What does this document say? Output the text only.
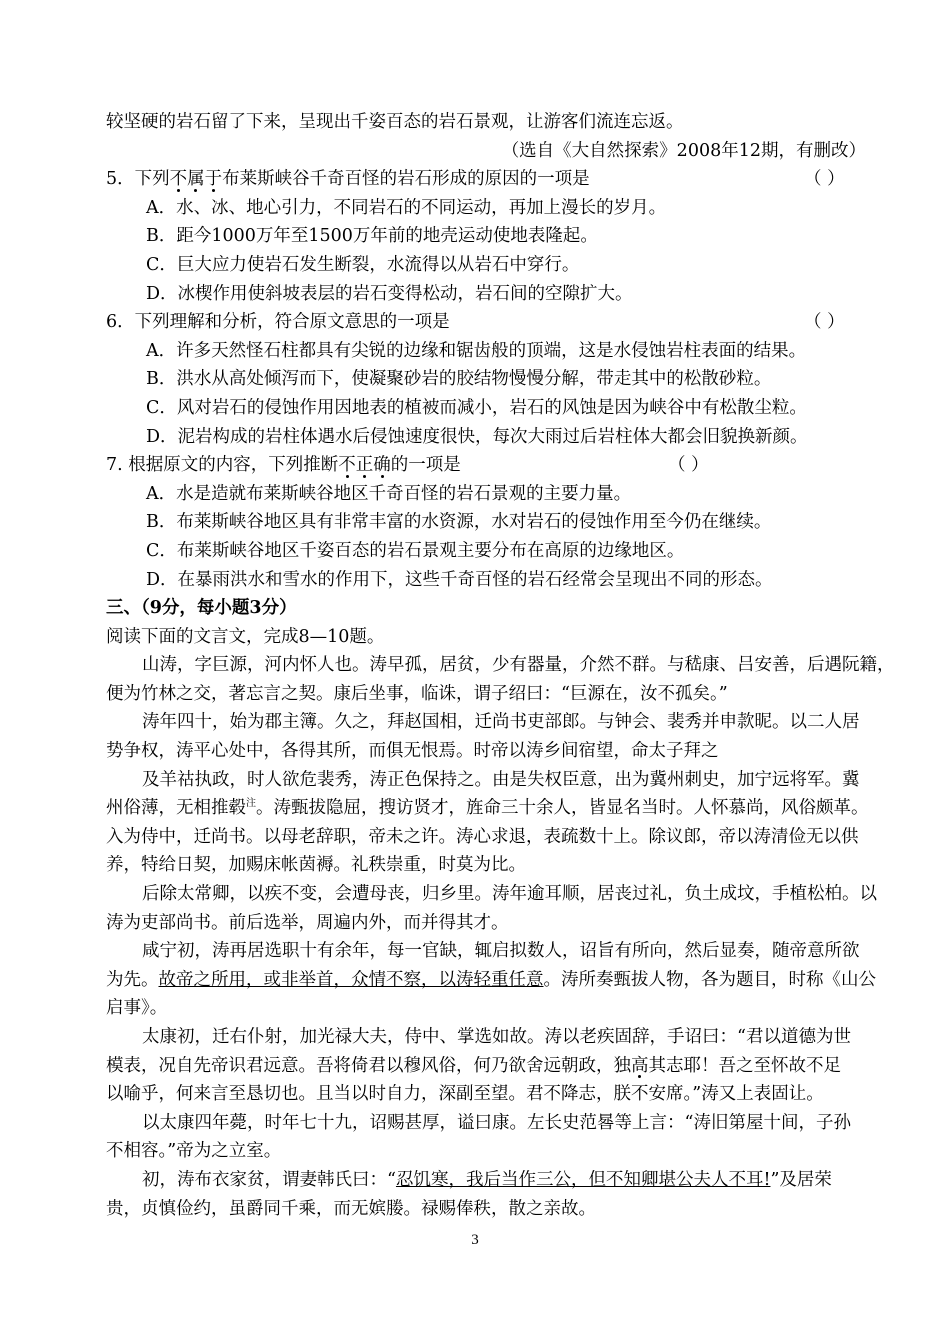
较坚硬的岩石留了下来，呈现出千姿百态的岩石景观，让游客们流连忘返。
（选自《大自然探索》2008年12期，有删改）
5．下列不属于布莱斯峡谷千奇百怪的岩石形成的原因的一项是	（ ）
A．水、冰、地心引力，不同岩石的不同运动，再加上漫长的岁月。
B．距今1000万年至1500万年前的地壳运动使地表隆起。
C．巨大应力使岩石发生断裂，水流得以从岩石中穿行。
D．冰楔作用使斜坡表层的岩石变得松动，岩石间的空隙扩大。
6．下列理解和分析，符合原文意思的一项是	（ ）
A．许多天然怪石柱都具有尖锐的边缘和锯齿般的顶端，这是水侵蚀岩柱表面的结果。
B．洪水从高处倾泻而下，使凝聚砂岩的胶结物慢慢分解，带走其中的松散砂粒。
C．风对岩石的侵蚀作用因地表的植被而减小，岩石的风蚀是因为峡谷中有松散尘粒。
D．泥岩构成的岩柱体遇水后侵蚀速度很快，每次大雨过后岩柱体大都会旧貌换新颜。
7. 根据原文的内容，下列推断不正确的一项是	（ ）
A．水是造就布莱斯峡谷地区千奇百怪的岩石景观的主要力量。
B．布莱斯峡谷地区具有非常丰富的水资源，水对岩石的侵蚀作用至今仍在继续。
C．布莱斯峡谷地区千姿百态的岩石景观主要分布在高原的边缘地区。
D．在暴雨洪水和雪水的作用下，这些千奇百怪的岩石经常会呈现出不同的形态。
三、（9分，每小题3分）
阅读下面的文言文，完成8—10题。
山涛，字巨源，河内怀人也。涛早孤，居贫，少有器量，介然不群。与嵇康、吕安善，后遇阮籍，
便为竹林之交，著忘言之契。康后坐事，临诛，谓子绍曰：“巨源在，汝不孤矣。”
涛年四十，始为郡主簿。久之，拜赵国相，迁尚书吏部郎。与钟会、裴秀并申款昵。以二人居
势争权，涛平心处中，各得其所，而俱无恨焉。时帝以涛乡间宿望，命太子拜之
及羊祜执政，时人欲危裴秀，涛正色保持之。由是失权臣意，出为冀州刺史，加宁远将军。冀
州俗薄，无相推毂$^注$。涛甄拔隐屈，搜访贤才，旌命三十余人，皆显名当时。人怀慕尚，风俗颇革。
入为侍中，迁尚书。以母老辞职，帝未之许。涛心求退，表疏数十上。除议郎，帝以涛清俭无以供
养，特给日契，加赐床帐茵褥。礼秩崇重，时莫为比。
后除太常卿，以疾不变，会遭母丧，归乡里。涛年逾耳顺，居丧过礼，负土成坟，手植松柏。以
涛为吏部尚书。前后选举，周遍内外，而并得其才。
咸宁初，涛再居选职十有余年，每一官缺，辄启拟数人，诏旨有所向，然后显奏，随帝意所欲
为先。故帝之所用，或非举首，众情不察，以涛轻重任意。涛所奏甄拔人物，各为题目，时称《山公
启事》。
太康初，迁右仆射，加光禄大夫，侍中、掌选如故。涛以老疾固辞，手诏曰：“君以道德为世
模表，况自先帝识君远意。吾将倚君以穆风俗，何乃欲舍远朝政，独高其志耶！吾之至怀故不足
以喻乎，何来言至恳切也。且当以时自力，深副至望。君不降志，朕不安席。”涛又上表固让。
以太康四年薨，时年七十九，诏赐甚厚，谥曰康。左长史范晷等上言：“涛旧第屋十间，子孙
不相容。”帝为之立室。
初，涛布衣家贫，谓妻韩氏曰：“忍饥寒，我后当作三公，但不知卿堪公夫人不耳!”及居荣
贵，贞慎俭约，虽爵同千乘，而无嫔媵。禄赐俸秩，散之亲故。
3
